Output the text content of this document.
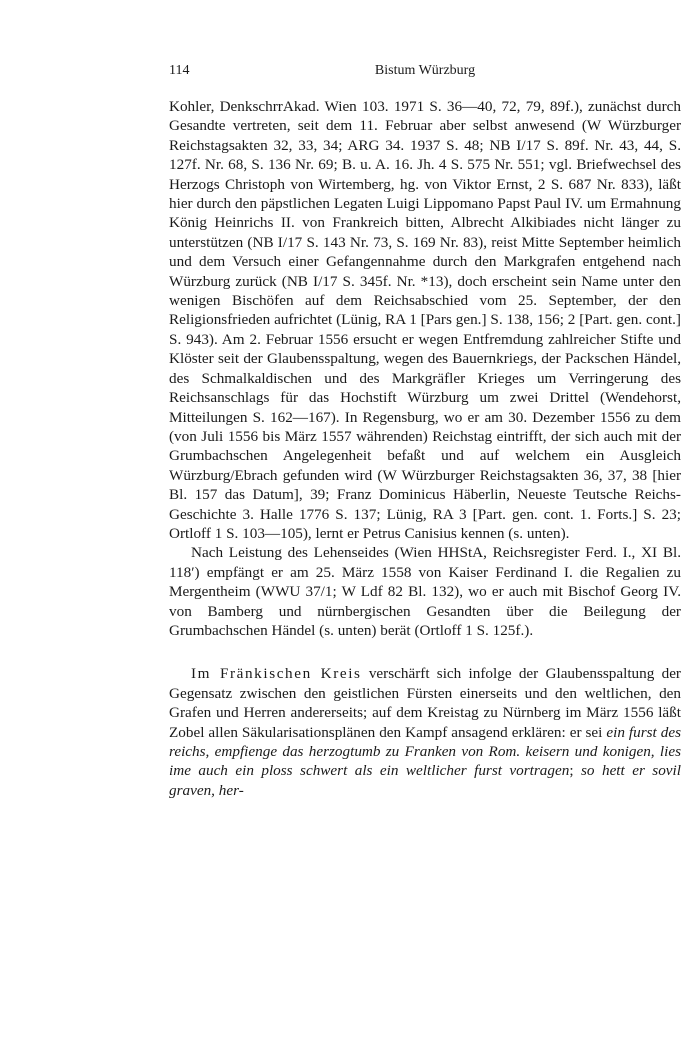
114	Bistum Würzburg

Kohler, DenkschrrAkad. Wien 103. 1971 S. 36—40, 72, 79, 89f.), zunächst durch Gesandte vertreten, seit dem 11. Februar aber selbst anwesend (W Würzburger Reichstagsakten 32, 33, 34; ARG 34. 1937 S. 48; NB I/17 S. 89f. Nr. 43, 44, S. 127f. Nr. 68, S. 136 Nr. 69; B. u. A. 16. Jh. 4 S. 575 Nr. 551; vgl. Briefwechsel des Herzogs Christoph von Wirtemberg, hg. von Viktor Ernst, 2 S. 687 Nr. 833), läßt hier durch den päpstlichen Legaten Luigi Lippomano Papst Paul IV. um Ermahnung König Heinrichs II. von Frankreich bitten, Albrecht Alkibiades nicht länger zu unterstützen (NB I/17 S. 143 Nr. 73, S. 169 Nr. 83), reist Mitte September heimlich und dem Versuch einer Gefangennahme durch den Markgrafen entgehend nach Würzburg zurück (NB I/17 S. 345f. Nr. *13), doch erscheint sein Name unter den wenigen Bischöfen auf dem Reichsabschied vom 25. September, der den Religionsfrieden aufrichtet (Lünig, RA 1 [Pars gen.] S. 138, 156; 2 [Part. gen. cont.] S. 943). Am 2. Februar 1556 ersucht er wegen Entfremdung zahlreicher Stifte und Klöster seit der Glaubensspaltung, wegen des Bauernkriegs, der Packschen Händel, des Schmalkaldischen und des Markgräfler Krieges um Verringerung des Reichsanschlags für das Hochstift Würzburg um zwei Drittel (Wendehorst, Mitteilungen S. 162—167). In Regensburg, wo er am 30. Dezember 1556 zu dem (von Juli 1556 bis März 1557 währenden) Reichstag eintrifft, der sich auch mit der Grumbachschen Angelegenheit befaßt und auf welchem ein Ausgleich Würzburg/Ebrach gefunden wird (W Würzburger Reichstagsakten 36, 37, 38 [hier Bl. 157 das Datum], 39; Franz Dominicus Häberlin, Neueste Teutsche Reichs-Geschichte 3. Halle 1776 S. 137; Lünig, RA 3 [Part. gen. cont. 1. Forts.] S. 23; Ortloff 1 S. 103—105), lernt er Petrus Canisius kennen (s. unten).

Nach Leistung des Lehenseides (Wien HHStA, Reichsregister Ferd. I., XI Bl. 118′) empfängt er am 25. März 1558 von Kaiser Ferdinand I. die Regalien zu Mergentheim (WWU 37/1; W Ldf 82 Bl. 132), wo er auch mit Bischof Georg IV. von Bamberg und nürnbergischen Gesandten über die Beilegung der Grumbachschen Händel (s. unten) berät (Ortloff 1 S. 125f.).

Im Fränkischen Kreis verschärft sich infolge der Glaubensspaltung der Gegensatz zwischen den geistlichen Fürsten einerseits und den weltlichen, den Grafen und Herren andererseits; auf dem Kreistag zu Nürnberg im März 1556 läßt Zobel allen Säkularisationsplänen den Kampf ansagend erklären: er sei ein furst des reichs, empfienge das herzogtumb zu Franken von Rom. keisern und konigen, lies ime auch ein ploss schwert als ein weltlicher furst vortragen; so hett er sovil graven, her-
